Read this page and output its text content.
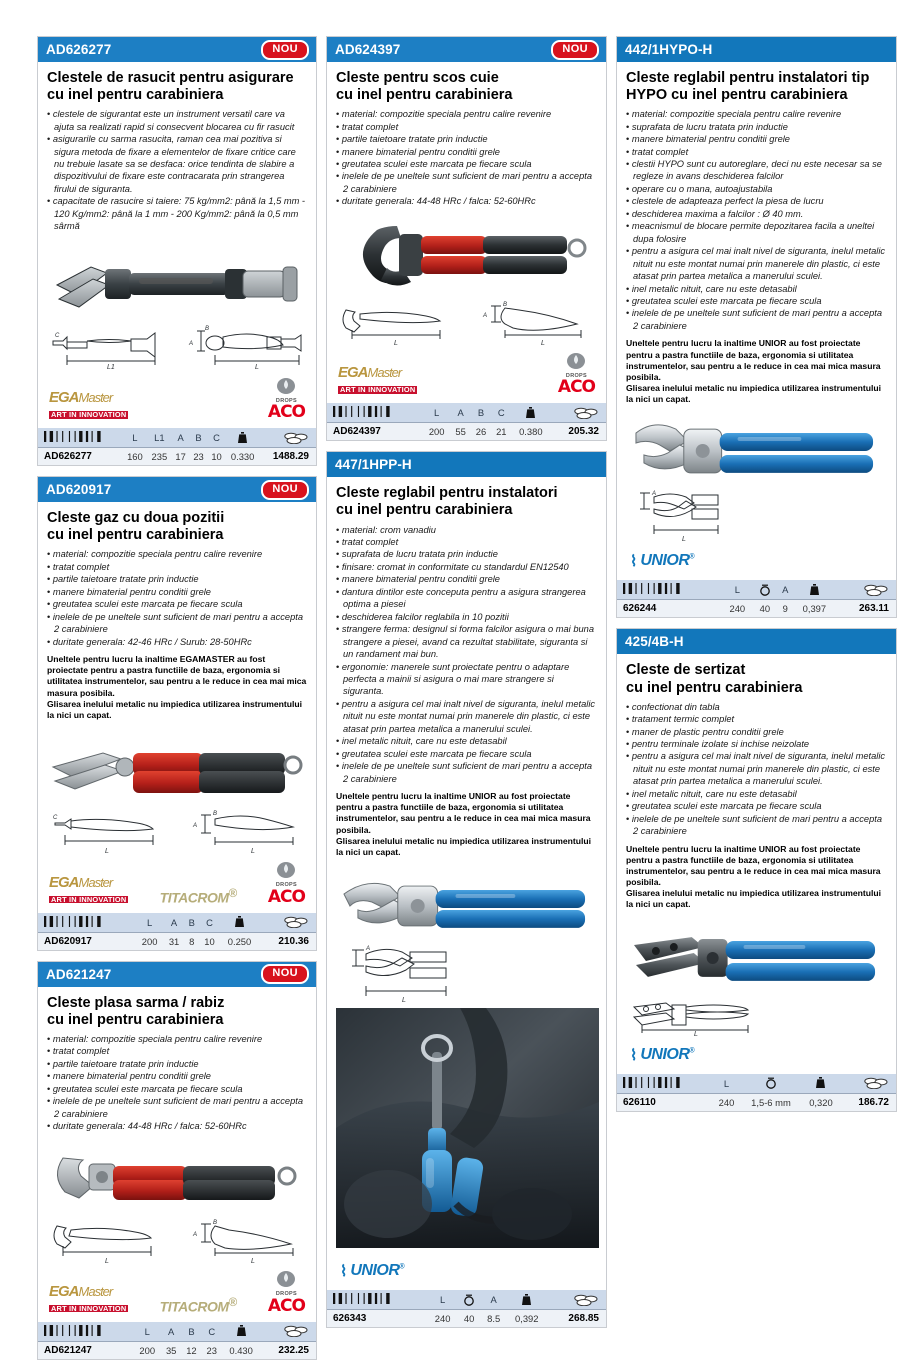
AD626277	NOU
Clestele de rasucit pentru asigurare
cu inel pentru carabiniera
• clestele de sigurantat este un instrument versatil care va ajuta sa realizati rapid si consecvent blocarea cu fir rasucit
• asigurarile cu sarma rasucita, raman cea mai pozitiva si sigura metoda de fixare a elementelor de fixare critice care nu trebuie lasate sa se desfaca: orice tendinta de slabire a dispozitivului de fixare este contracarata prin strangerea firului de siguranta.
• capacitate de rasucire si taiere: 75 kg/mm2: până la 1,5 mm - 120 Kg/mm2: până la 1 mm - 200 Kg/mm2: până la 0,5 mm sârmă
L1
C
B
A
L
EGAMaster
ART IN INNOVATION
DROPS
ACO
	L	L1	A	B	C		
AD626277	160	235	17	23	10	0.330	1488.29
AD620917	NOU
Cleste gaz cu doua pozitii
cu inel pentru carabiniera
• material: compozitie speciala pentru calire revenire
• tratat complet
• partile taietoare tratate prin inductie
• manere bimaterial pentru conditii grele
• greutatea sculei este marcata pe fiecare scula
• inelele de pe uneltele sunt suficient de mari pentru a accepta 2 carabiniere
• duritate generala: 42-46 HRc / Surub: 28-50HRc

Uneltele pentru lucru la inaltime EGAMASTER au fost proiectate pentru a pastra functiile de baza, ergonomia si utilitatea instrumentelor, sau pentru a le reduce in cea mai mica masura posibila.

Glisarea inelului metalic nu impiedica utilizarea instrumentului la nici un capat.

L
C
B
A
L
EGAMaster
ART IN INNOVATION TITACROM®
DROPS
ACO
	L	A	B	C		
AD620917	200	31	8	10	0.250	210.36
AD621247	NOU
Cleste plasa sarma / rabiz
cu inel pentru carabiniera
• material: compozitie speciala pentru calire revenire
• tratat complet
• partile taietoare tratate prin inductie
• manere bimaterial pentru conditii grele
• greutatea sculei este marcata pe fiecare scula
• inelele de pe uneltele sunt suficient de mari pentru a accepta 2 carabiniere
• duritate generala: 44-48 HRc / falca: 52-60HRc
L
B
A
L
EGAMaster
ART IN INNOVATION TITACROM®
DROPS
ACO
	L	A	B	C		
AD621247	200	35	12	23	0.430	232.25
AD624397	NOU
Cleste pentru scos cuie
cu inel pentru carabiniera
• material: compozitie speciala pentru calire revenire
• tratat complet
• partile taietoare tratate prin inductie
• manere bimaterial pentru conditii grele
• greutatea sculei este marcata pe fiecare scula
• inelele de pe uneltele sunt suficient de mari pentru a accepta 2 carabiniere
• duritate generala: 44-48 HRc / falca: 52-60HRc
L
B
A
L
EGAMaster
ART IN INNOVATION
DROPS
ACO
	L	A	B	C		
AD624397	200	55	26	21	0.380	205.32
447/1HPP-H
Cleste reglabil pentru instalatori
cu inel pentru carabiniera
• material: crom vanadiu
• tratat complet
• suprafata de lucru tratata prin inductie
• finisare: cromat in conformitate cu standardul EN12540
• manere bimaterial pentru conditii grele
• dantura dintilor este conceputa pentru a asigura strangerea optima a piesei
• deschiderea falcilor reglabila in 10 pozitii
• strangere ferma: designul si forma falcilor asigura o mai buna strangere a piesei, avand ca rezultat stabilitate, siguranta si un randament mai bun.
• ergonomie: manerele sunt proiectate pentru o adaptare perfecta a mainii si asigura o mai mare strangere si siguranta.
• pentru a asigura cel mai inalt nivel de siguranta, inelul metalic nituit nu este montat numai prin manerele din plastic, ci este atasat prin partea metalica a manerului sculei.
• inel metalic nituit, care nu este detasabil
• greutatea sculei este marcata pe fiecare scula
• inelele de pe uneltele sunt suficient de mari pentru a accepta 2 carabiniere

Uneltele pentru lucru la inaltime UNIOR au fost proiectate pentru a pastra functiile de baza, ergonomia si utilitatea instrumentelor, sau pentru a le reduce in cea mai mica masura posibila.

Glisarea inelului metalic nu impiedica utilizarea instrumentului la nici un capat.

A
L
⌇ UNIOR®
	L		A		
626343	240	40	8.5	0,392	268.85
442/1HYPO-H
Cleste reglabil pentru instalatori tip
HYPO cu inel pentru carabiniera
• material: compozitie speciala pentru calire revenire
• suprafata de lucru tratata prin inductie
• manere bimaterial pentru conditii grele
• tratat complet
• clestii HYPO sunt cu autoreglare, deci nu este necesar sa se regleze in avans deschiderea falcilor
• operare cu o mana, autoajustabila
• clestele de adapteaza perfect la piesa de lucru
• deschiderea maxima a falcilor : Ø 40 mm.
• meacnismul de blocare permite depozitarea facila a uneltei dupa folosire
• pentru a asigura cel mai inalt nivel de siguranta, inelul metalic nituit nu este montat numai prin manerele din plastic, ci este atasat prin partea metalica a manerului sculei.
• inel metalic nituit, care nu este detasabil
• greutatea sculei este marcata pe fiecare scula
• inelele de pe uneltele sunt suficient de mari pentru a accepta 2 carabiniere

Uneltele pentru lucru la inaltime UNIOR au fost proiectate pentru a pastra functiile de baza, ergonomia si utilitatea instrumentelor, sau pentru a le reduce in cea mai mica masura posibila.

Glisarea inelului metalic nu impiedica utilizarea instrumentului la nici un capat.

A
L
⌇ UNIOR®
	L		A		
626244	240	40	9	0,397	263.11
425/4B-H
Cleste de sertizat
cu inel pentru carabiniera
• confectionat din tabla
• tratament termic complet
• maner de plastic pentru conditii grele
• pentru terminale izolate si inchise neizolate
• pentru a asigura cel mai inalt nivel de siguranta, inelul metalic nituit nu este montat numai prin manerele din plastic, ci este atasat prin partea metalica a manerului sculei.
• inel metalic nituit, care nu este detasabil
• greutatea sculei este marcata pe fiecare scula
• inelele de pe uneltele sunt suficient de mari pentru a accepta 2 carabiniere

Uneltele pentru lucru la inaltime UNIOR au fost proiectate pentru a pastra functiile de baza, ergonomia si utilitatea instrumentelor, sau pentru a le reduce in cea mai mica masura posibila.

Glisarea inelului metalic nu impiedica utilizarea instrumentului la nici un capat.

L
⌇ UNIOR®
	L			
626110	240	1,5-6 mm	0,320	186.72
